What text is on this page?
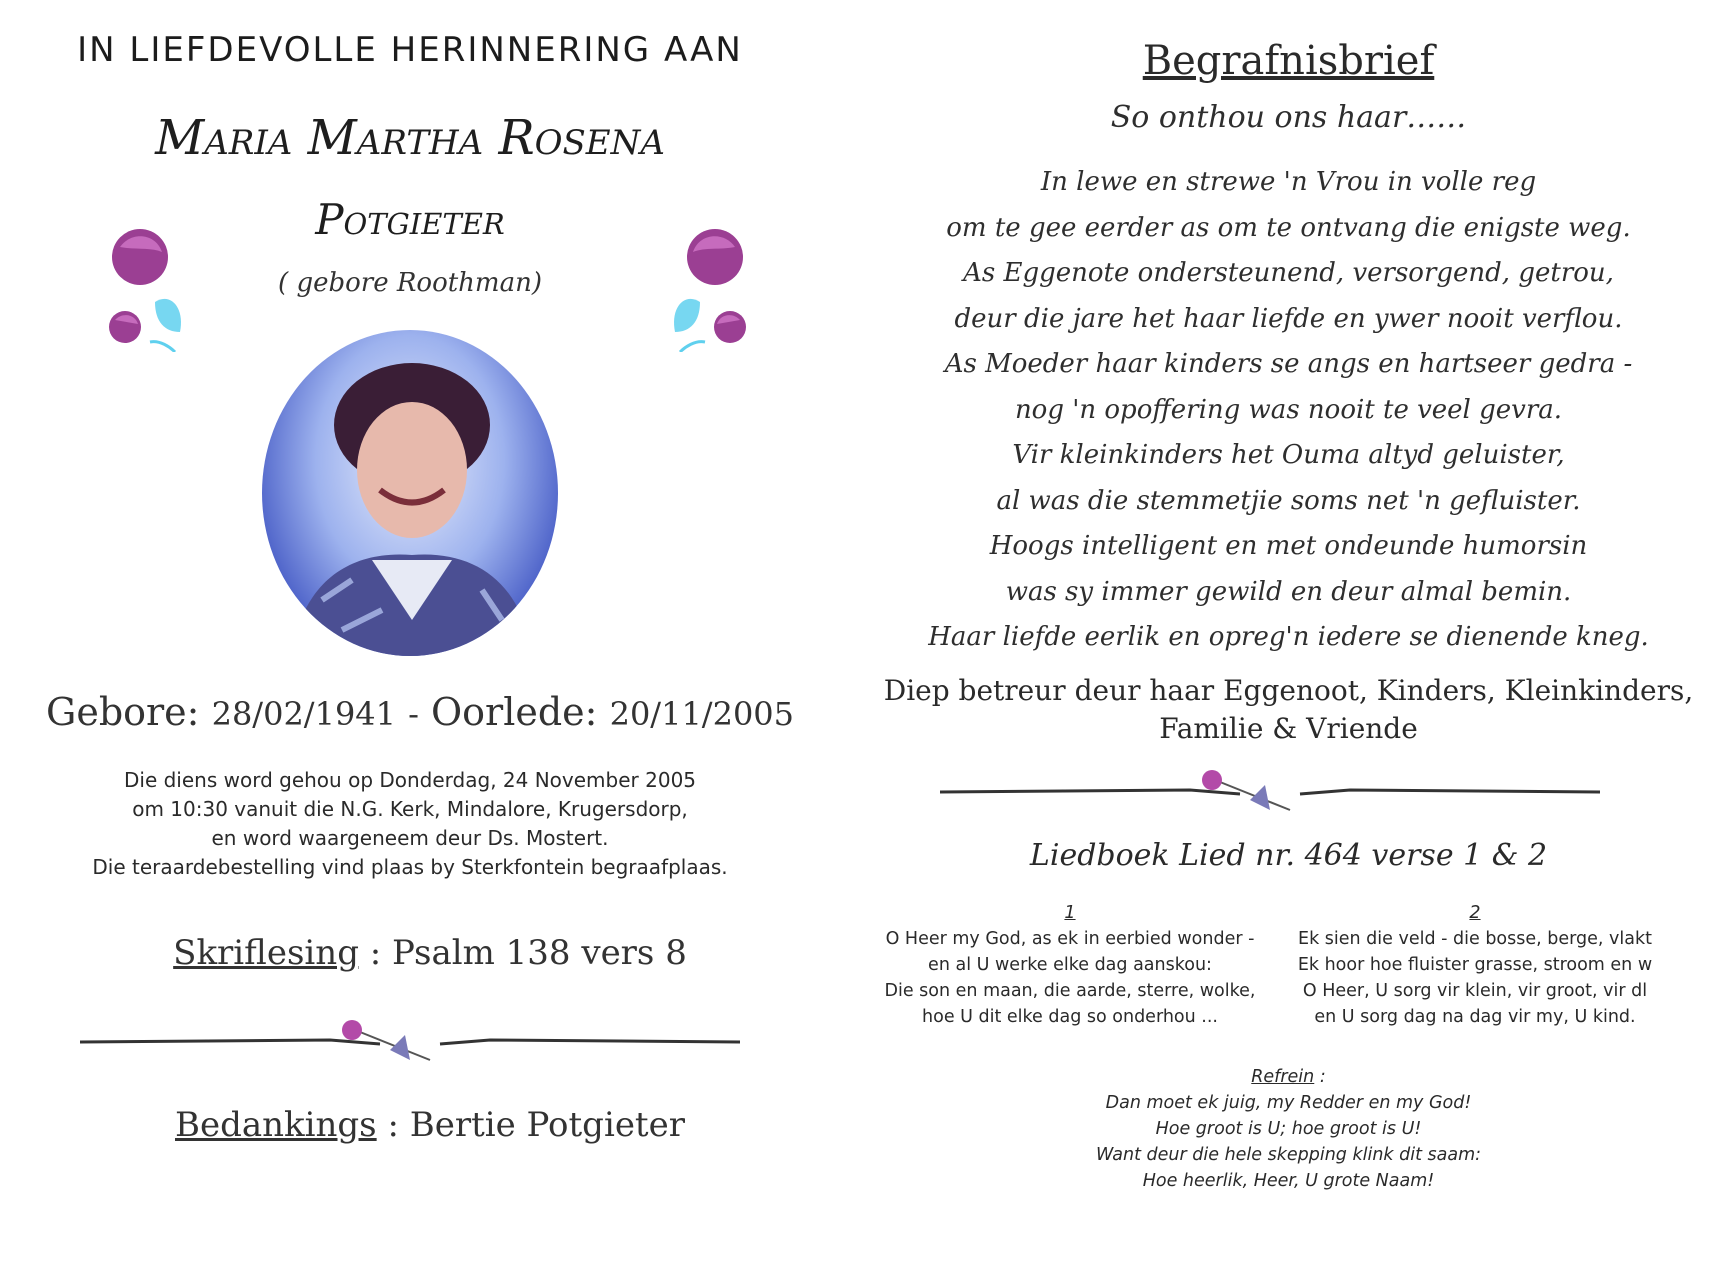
IN LIEFDEVOLLE HERINNERING AAN
Maria Martha Rosena
Potgieter
( gebore Roothman)
Gebore: 28/02/1941 - Oorlede: 20/11/2005
Die diens word gehou op Donderdag, 24 November 2005
om 10:30 vanuit die N.G. Kerk, Mindalore, Krugersdorp,
en word waargeneem deur Ds. Mostert.
Die teraardebestelling vind plaas by Sterkfontein begraafplaas.
Skriflesing : Psalm 138 vers 8
Bedankings : Bertie Potgieter
Begrafnisbrief
So onthou ons haar……
In lewe en strewe 'n Vrou in volle reg
om te gee eerder as om te ontvang die enigste weg.
As Eggenote ondersteunend, versorgend, getrou,
deur die jare het haar liefde en ywer nooit verflou.
As Moeder haar kinders se angs en hartseer gedra -
nog 'n opoffering was nooit te veel gevra.
Vir kleinkinders het Ouma altyd geluister,
al was die stemmetjie soms net 'n gefluister.
Hoogs intelligent en met ondeunde humorsin
was sy immer gewild en deur almal bemin.
Haar liefde eerlik en opreg'n iedere se dienende kneg.
Diep betreur deur haar Eggenoot, Kinders, Kleinkinders,
Familie & Vriende
Liedboek Lied nr. 464 verse 1 & 2
1
O Heer my God, as ek in eerbied wonder -
en al U werke elke dag aanskou:
Die son en maan, die aarde, sterre, wolke,
hoe U dit elke dag so onderhou ...
2
Ek sien die veld - die bosse, berge, vlakt
Ek hoor hoe fluister grasse, stroom en w
O Heer, U sorg vir klein, vir groot, vir dl
en U sorg dag na dag vir my, U kind.
Refrein :
Dan moet ek juig, my Redder en my God!
Hoe groot is U; hoe groot is U!
Want deur die hele skepping klink dit saam:
Hoe heerlik, Heer, U grote Naam!
